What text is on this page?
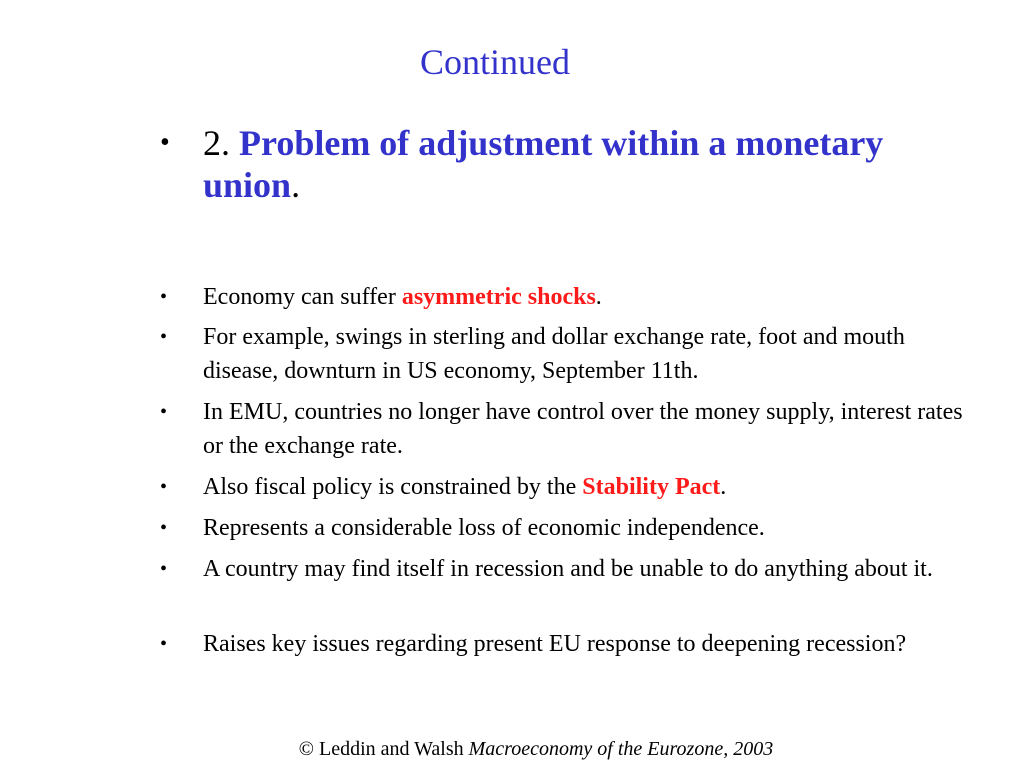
Continued
• 2. Problem of adjustment within a monetary union.
• Economy can suffer asymmetric shocks.
• For example, swings in sterling and dollar exchange rate, foot and mouth disease, downturn in US economy, September 11th.
• In EMU, countries no longer have control over the money supply, interest rates or the exchange rate.
• Also fiscal policy is constrained by the Stability Pact.
• Represents a considerable loss of economic independence.
• A country may find itself in recession and be unable to do anything about it.
• Raises key issues regarding present EU response to deepening recession?
© Leddin and Walsh Macroeconomy of the Eurozone, 2003
